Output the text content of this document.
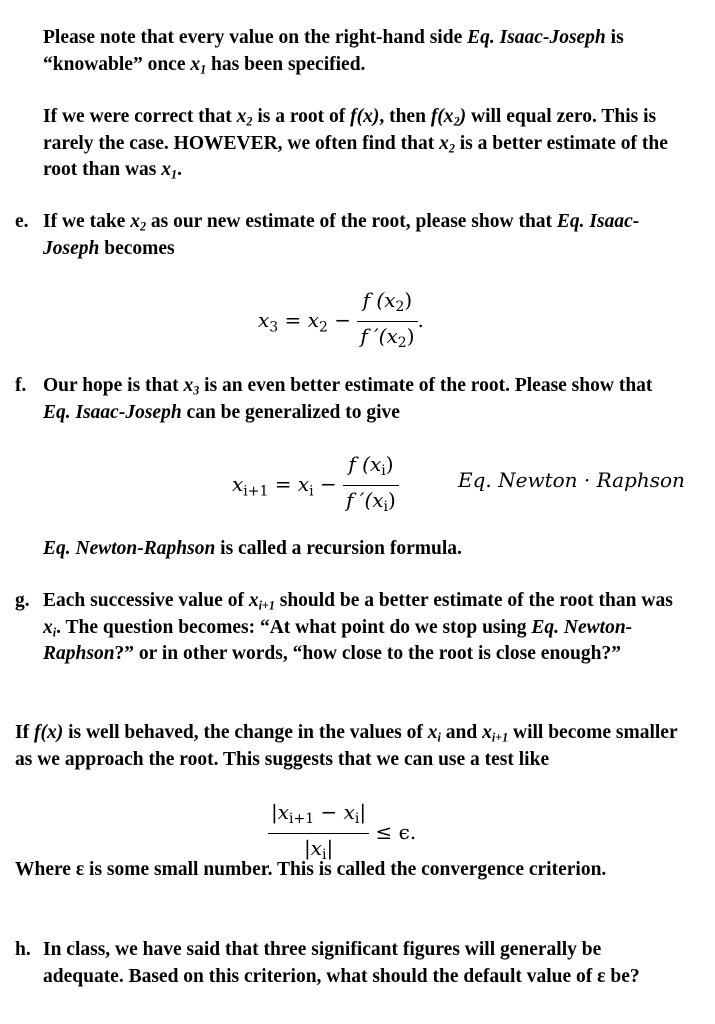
Please note that every value on the right-hand side Eq. Isaac-Joseph is “knowable” once $x_1$ has been specified.
If we were correct that $x_2$ is a root of f(x), then $f(x_2)$ will equal zero. This is rarely the case. HOWEVER, we often find that $x_2$ is a better estimate of the root than was $x_1$.
e. If we take $x_2$ as our new estimate of the root, please show that Eq. Isaac-Joseph becomes
$x_3 = x_2 - \frac{f (x_2)}{f '(x_2)}$ .
f. Our hope is that $x_3$ is an even better estimate of the root. Please show that Eq. Isaac-Joseph can be generalized to give
$x_{i+1} = x_i - \frac{f (x_i)}{f '(x_i)}$	Eq. Newton · Raphson
Eq. Newton-Raphson is called a recursion formula.
g. Each successive value of $x_{i+1}$ should be a better estimate of the root than was $x_i$. The question becomes: “At what point do we stop using Eq. Newton-Raphson?” or in other words, “how close to the root is close enough?”
If f(x) is well behaved, the change in the values of $x_i$ and $x_{i+1}$ will become smaller as we approach the root. This suggests that we can use a test like
$\frac{|x_{i+1} - x_i|}{|x_i|} \le \epsilon$.
Where ε is some small number. This is called the convergence criterion.
h. In class, we have said that three significant figures will generally be adequate. Based on this criterion, what should the default value of ε be?
